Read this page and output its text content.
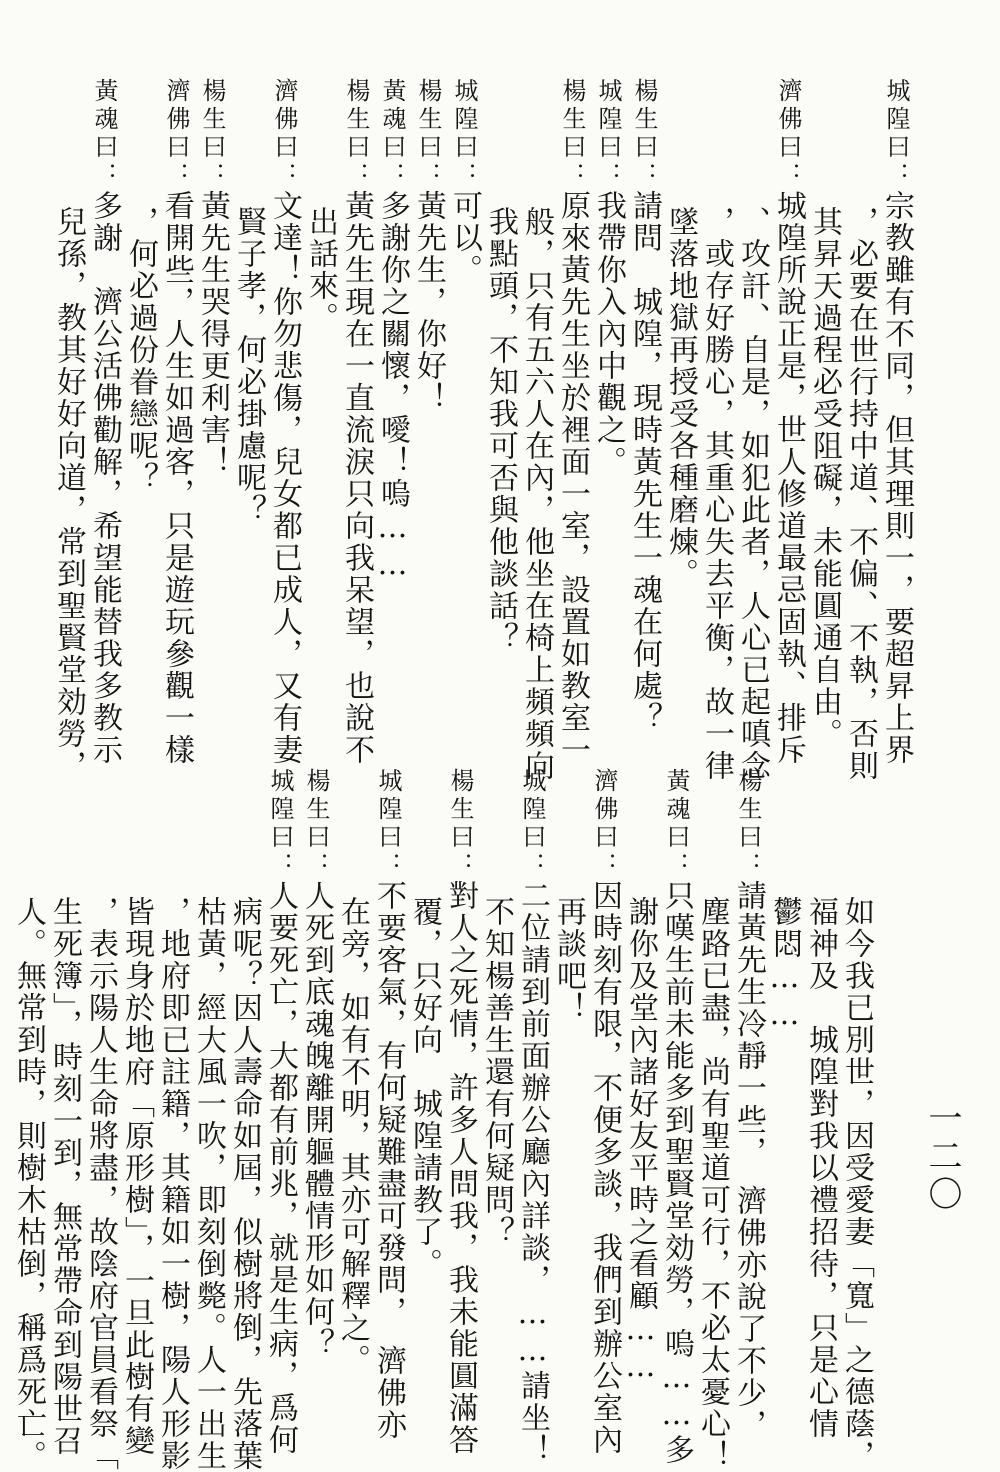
城隍曰：宗教雖有不同，但其理則一，要超昇上界
，必要在世行持中道、不偏、不執，否則
其昇天過程必受阻礙，未能圓通自由。
濟佛曰：城隍所說正是，世人修道最忌固執、排斥
、攻訐、自是，如犯此者，人心已起嗔念
，或存好勝心，其重心失去平衡，故一律
墜落地獄再授受各種磨煉。
楊生曰：請問　城隍，現時黃先生一魂在何處？
城隍曰：我帶你入內中觀之。
楊生曰：原來黃先生坐於裡面一室，設置如教室一
般，只有五六人在內，他坐在椅上頻頻向
我點頭，不知我可否與他談話？
城隍曰：可以。
楊生曰：黃先生，你好！
黃魂曰：多謝你之關懷，噯！嗚……
楊生曰：黃先生現在一直流淚只向我呆望，也說不
出話來。
濟佛曰：文達！你勿悲傷，兒女都已成人，又有妻
賢子孝，何必掛慮呢？
楊生曰：黃先生哭得更利害！
濟佛曰：看開些，人生如過客，只是遊玩參觀一樣
，何必過份眷戀呢？
黃魂曰：多謝　濟公活佛勸解，希望能替我多教示
兒孫，教其好好向道，常到聖賢堂効勞，
如今我已別世，因受愛妻「寬」之德蔭，
福神及　城隍對我以禮招待，只是心情
鬱悶……
楊生曰：請黃先生冷靜一些，　濟佛亦說了不少，
塵路已盡，尚有聖道可行，不必太憂心！
黃魂曰：只嘆生前未能多到聖賢堂効勞，嗚……多
謝你及堂內諸好友平時之看顧……
濟佛曰：因時刻有限，不便多談，我們到辦公室內
再談吧！
城隍曰：二位請到前面辦公廳內詳談，……請坐！
不知楊善生還有何疑問？
楊生曰：對人之死情，許多人問我，我未能圓滿答
覆，只好向　城隍請教了。
城隍曰：不要客氣，有何疑難盡可發問，　濟佛亦
在旁，如有不明，其亦可解釋之。
楊生曰：人死到底魂魄離開軀體情形如何？
城隍曰：人要死亡，大都有前兆，就是生病，爲何
病呢？因人壽命如屆，似樹將倒，先落葉
枯黃，經大風一吹，即刻倒斃。人一出生
，地府即已註籍，其籍如一樹，陽人形影
皆現身於地府「原形樹」，一旦此樹有變
，表示陽人生命將盡，故陰府官員看祭「
生死簿」，時刻一到，無常帶命到陽世召
人。無常到時，則樹木枯倒，稱爲死亡。	一二〇
